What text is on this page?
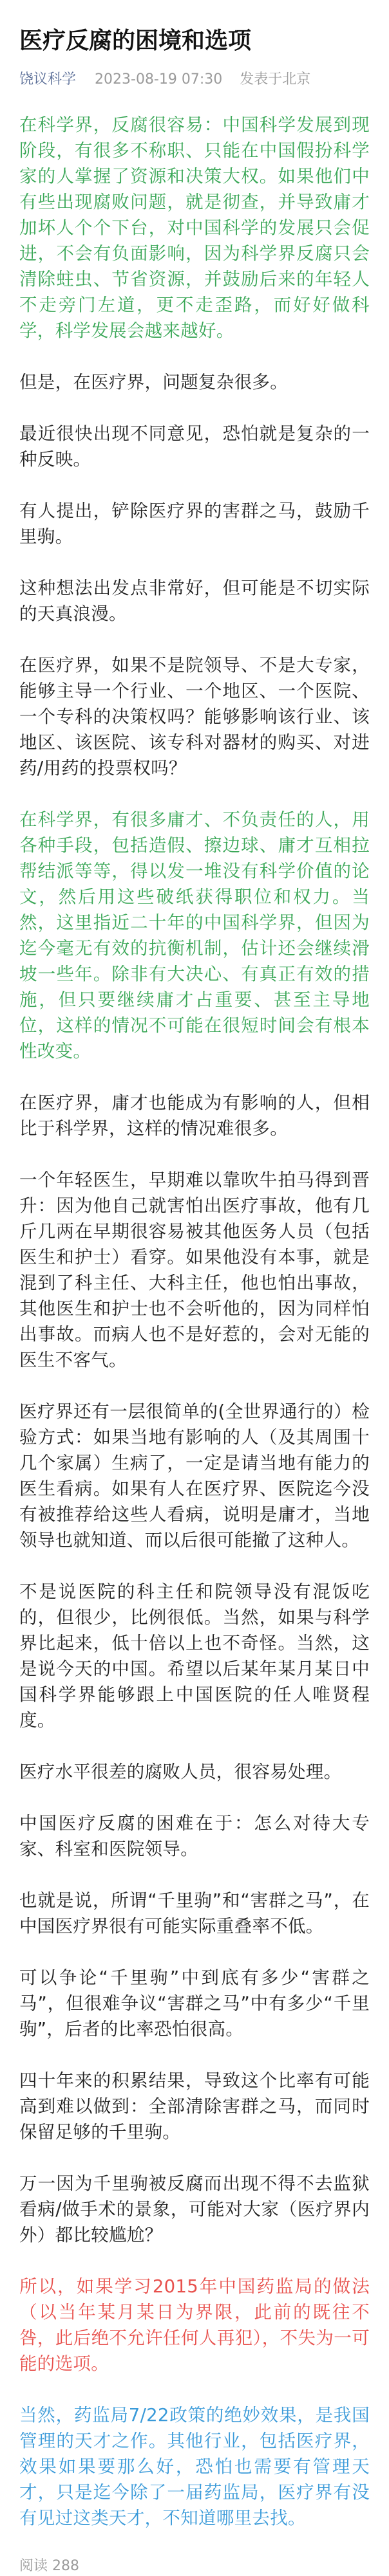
医疗反腐的困境和选项
饶议科学 2023-08-19 07:30 发表于北京

在科学界，反腐很容易：中国科学发展到现阶段，有很多不称职、只能在中国假扮科学家的人掌握了资源和决策大权。如果他们中有些出现腐败问题，就是彻查，并导致庸才加坏人个个下台，对中国科学的发展只会促进，不会有负面影响，因为科学界反腐只会清除蛀虫、节省资源，并鼓励后来的年轻人不走旁门左道，更不走歪路，而好好做科学，科学发展会越来越好。

但是，在医疗界，问题复杂很多。

最近很快出现不同意见，恐怕就是复杂的一种反映。

有人提出，铲除医疗界的害群之马，鼓励千里驹。

这种想法出发点非常好，但可能是不切实际的天真浪漫。

在医疗界，如果不是院领导、不是大专家，能够主导一个行业、一个地区、一个医院、一个专科的决策权吗？能够影响该行业、该地区、该医院、该专科对器材的购买、对进药/用药的投票权吗？

在科学界，有很多庸才、不负责任的人，用各种手段，包括造假、擦边球、庸才互相拉帮结派等等，得以发一堆没有科学价值的论文，然后用这些破纸获得职位和权力。当然，这里指近二十年的中国科学界，但因为迄今毫无有效的抗衡机制，估计还会继续滑坡一些年。除非有大决心、有真正有效的措施，但只要继续庸才占重要、甚至主导地位，这样的情况不可能在很短时间会有根本性改变。

在医疗界，庸才也能成为有影响的人，但相比于科学界，这样的情况难很多。

一个年轻医生，早期难以靠吹牛拍马得到晋升：因为他自己就害怕出医疗事故，他有几斤几两在早期很容易被其他医务人员（包括医生和护士）看穿。如果他没有本事，就是混到了科主任、大科主任，他也怕出事故，其他医生和护士也不会听他的，因为同样怕出事故。而病人也不是好惹的，会对无能的医生不客气。

医疗界还有一层很简单的(全世界通行的）检验方式：如果当地有影响的人（及其周围十几个家属）生病了，一定是请当地有能力的医生看病。如果有人在医疗界、医院迄今没有被推荐给这些人看病，说明是庸才，当地领导也就知道、而以后很可能撤了这种人。

不是说医院的科主任和院领导没有混饭吃的，但很少，比例很低。当然，如果与科学界比起来，低十倍以上也不奇怪。当然，这是说今天的中国。希望以后某年某月某日中国科学界能够跟上中国医院的任人唯贤程度。

医疗水平很差的腐败人员，很容易处理。

中国医疗反腐的困难在于：怎么对待大专家、科室和医院领导。

也就是说，所谓“千里驹”和“害群之马”，在中国医疗界很有可能实际重叠率不低。

可以争论“千里驹”中到底有多少“害群之马”，但很难争议“害群之马”中有多少“千里驹”，后者的比率恐怕很高。

四十年来的积累结果，导致这个比率有可能高到难以做到：全部清除害群之马，而同时保留足够的千里驹。

万一因为千里驹被反腐而出现不得不去监狱看病/做手术的景象，可能对大家（医疗界内外）都比较尴尬？

所以，如果学习2015年中国药监局的做法（以当年某月某日为界限，此前的既往不咎，此后绝不允许任何人再犯），不失为一可能的选项。

当然，药监局7/22政策的绝妙效果，是我国管理的天才之作。其他行业，包括医疗界，效果如果要那么好，恐怕也需要有管理天才，只是迄今除了一届药监局，医疗界有没有见过这类天才，不知道哪里去找。

阅读 288
